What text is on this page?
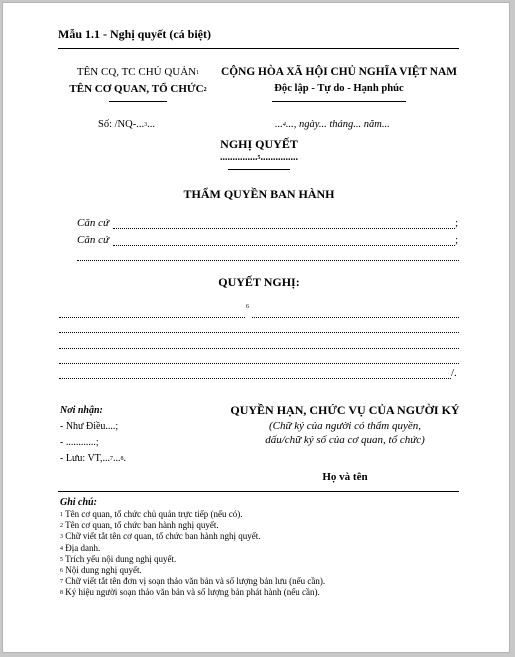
Mẫu 1.1 - Nghị quyết (cá biệt)
TÊN CQ, TC CHỦ QUẢN$^1$
TÊN CƠ QUAN, TỔ CHỨC$^2$
CỘNG HÒA XÃ HỘI CHỦ NGHĨA VIỆT NAM
Độc lập - Tự do - Hạnh phúc
Số: /NQ-...$^3$...	...$^4$..., ngày... tháng... năm...
NGHỊ QUYẾT
...............$^5$...............
THẨM QUYỀN BAN HÀNH
Căn cứ	;
Căn cứ	;
QUYẾT NGHỊ:
6
/.
Nơi nhận:
- Như Điều....;
- ............;
- Lưu: VT,...$^7$...$^8$.
QUYỀN HẠN, CHỨC VỤ CỦA NGƯỜI KÝ
(Chữ ký của người có thẩm quyền,
dấu/chữ ký số của cơ quan, tổ chức)
Họ và tên
Ghi chú:
$^1$ Tên cơ quan, tổ chức chủ quản trực tiếp (nếu có).
$^2$ Tên cơ quan, tổ chức ban hành nghị quyết.
$^3$ Chữ viết tắt tên cơ quan, tổ chức ban hành nghị quyết.
$^4$ Địa danh.
$^5$ Trích yếu nội dung nghị quyết.
$^6$ Nội dung nghị quyết.
$^7$ Chữ viết tắt tên đơn vị soạn thảo văn bản và số lượng bản lưu (nếu cần).
$^8$ Ký hiệu người soạn thảo văn bản và số lượng bản phát hành (nếu cần).
